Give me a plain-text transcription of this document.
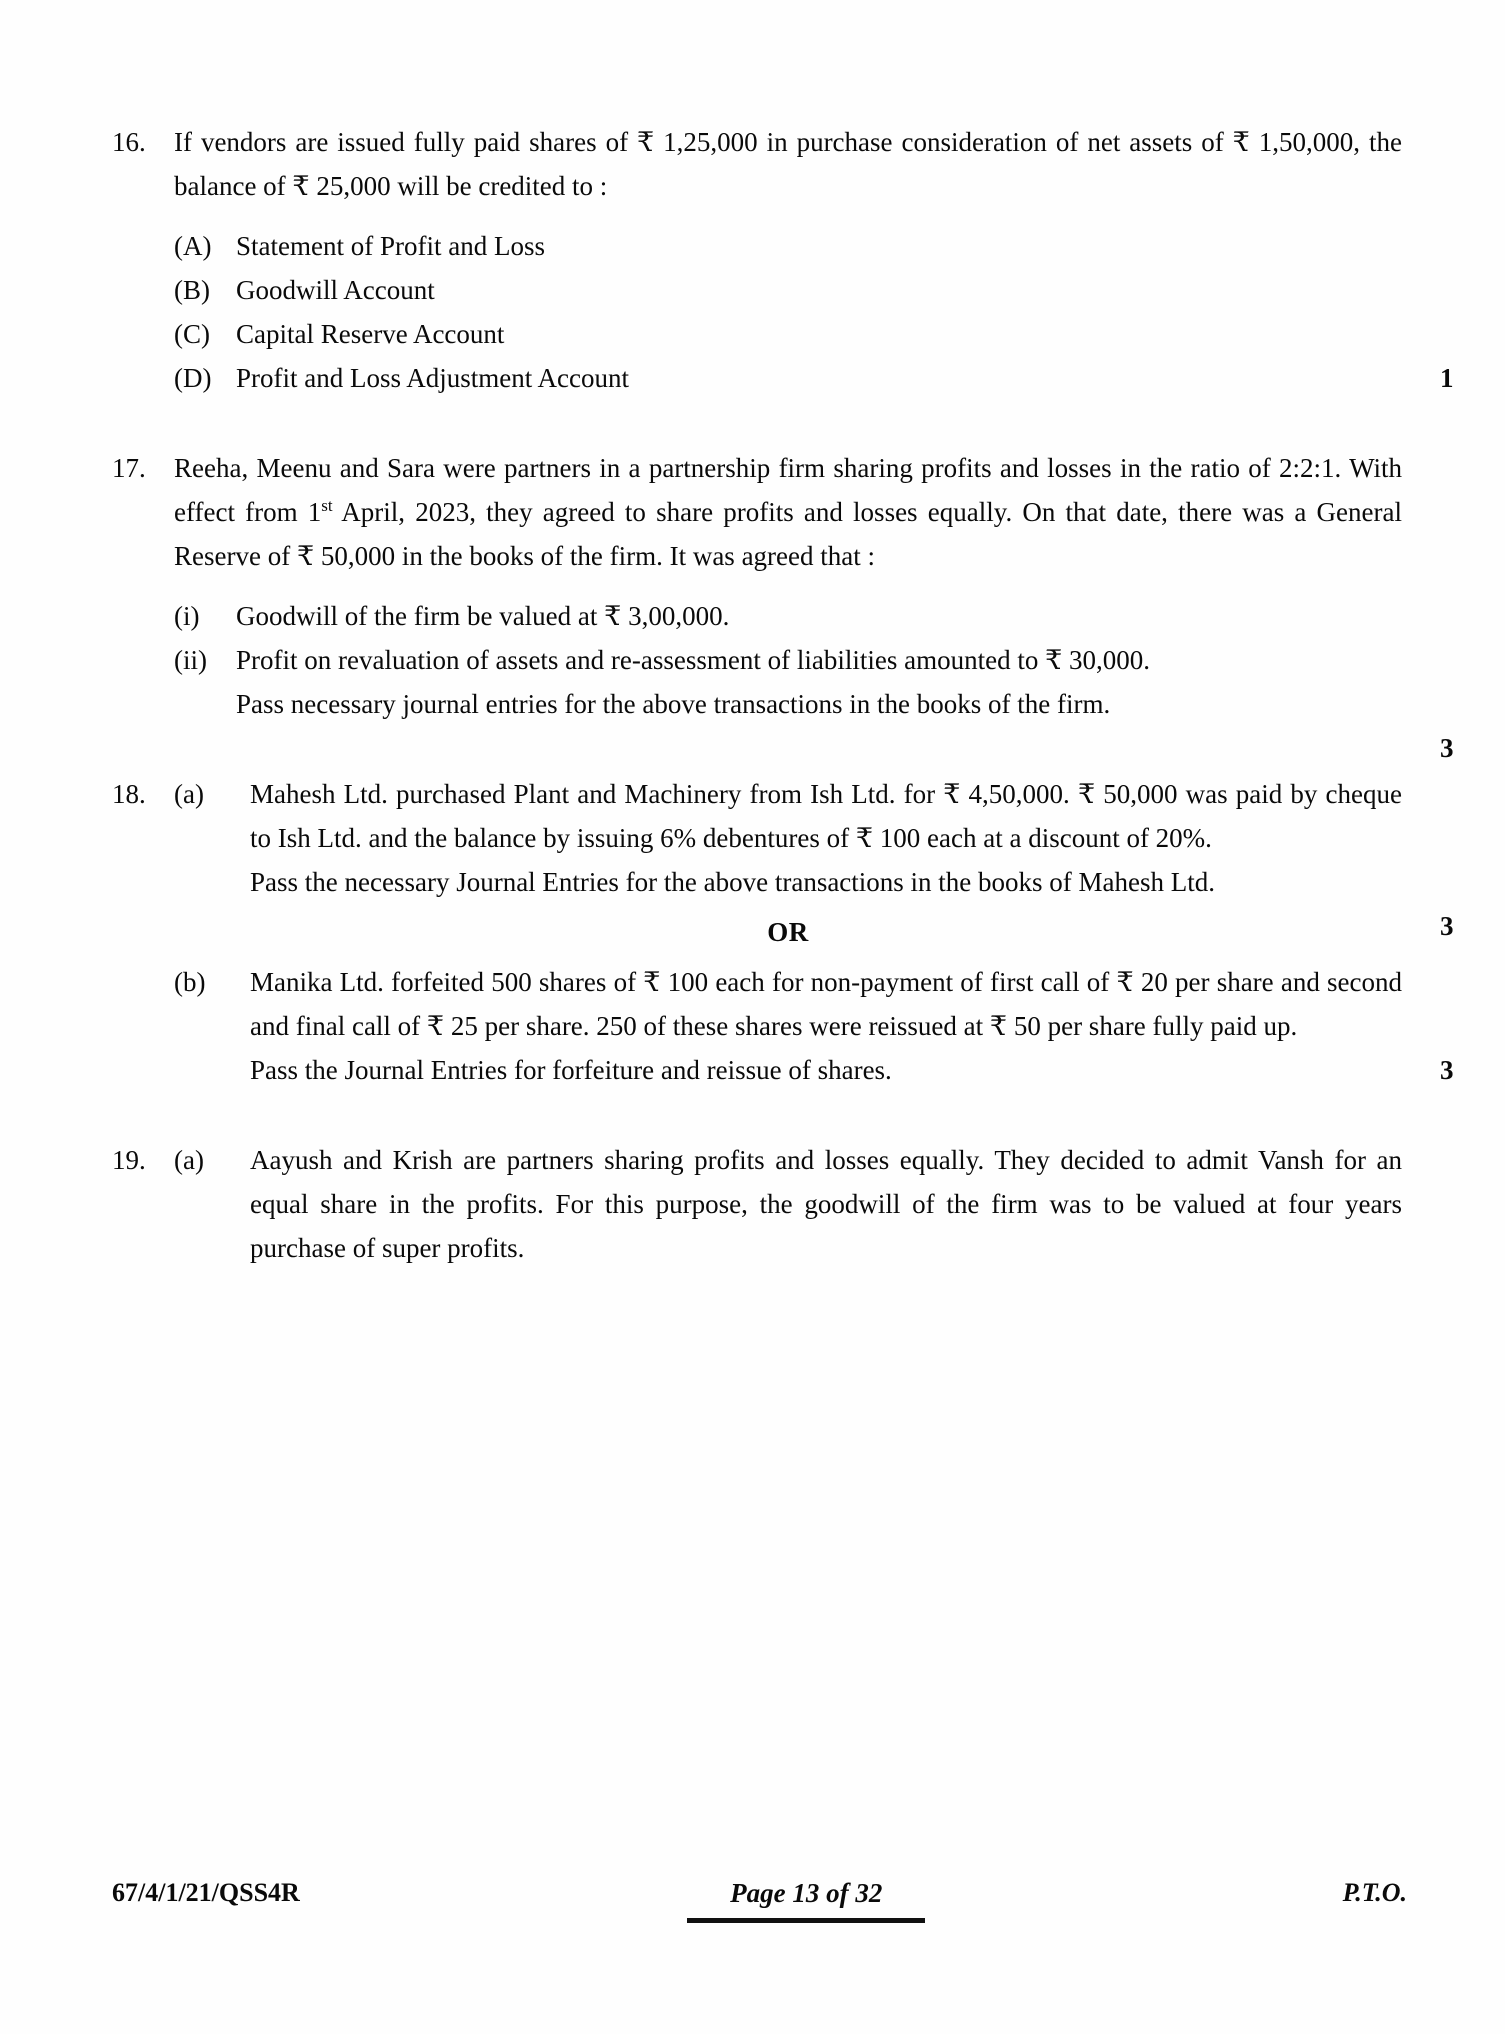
16.	If vendors are issued fully paid shares of ₹ 1,25,000 in purchase consideration of net assets of ₹ 1,50,000, the balance of ₹ 25,000 will be credited to :

(A) Statement of Profit and Loss
(B) Goodwill Account
(C) Capital Reserve Account
(D) Profit and Loss Adjustment Account	1
17.	Reeha, Meenu and Sara were partners in a partnership firm sharing profits and losses in the ratio of 2:2:1. With effect from 1st April, 2023, they agreed to share profits and losses equally. On that date, there was a General Reserve of ₹ 50,000 in the books of the firm. It was agreed that :

(i)	Goodwill of the firm be valued at ₹ 3,00,000.
(ii)	Profit on revaluation of assets and re-assessment of liabilities amounted to ₹ 30,000.
Pass necessary journal entries for the above transactions in the books of the firm.
3
18.	(a)	Mahesh Ltd. purchased Plant and Machinery from Ish Ltd. for ₹ 4,50,000. ₹ 50,000 was paid by cheque to Ish Ltd. and the balance by issuing 6% debentures of ₹ 100 each at a discount of 20%.
Pass the necessary Journal Entries for the above transactions in the books of Mahesh Ltd.
3
OR
(b)	Manika Ltd. forfeited 500 shares of ₹ 100 each for non-payment of first call of ₹ 20 per share and second and final call of ₹ 25 per share. 250 of these shares were reissued at ₹ 50 per share fully paid up.
Pass the Journal Entries for forfeiture and reissue of shares.	3
19.	(a)	Aayush and Krish are partners sharing profits and losses equally. They decided to admit Vansh for an equal share in the profits. For this purpose, the goodwill of the firm was to be valued at four years purchase of super profits.
67/4/1/21/QSS4R	Page 13 of 32	P.T.O.
